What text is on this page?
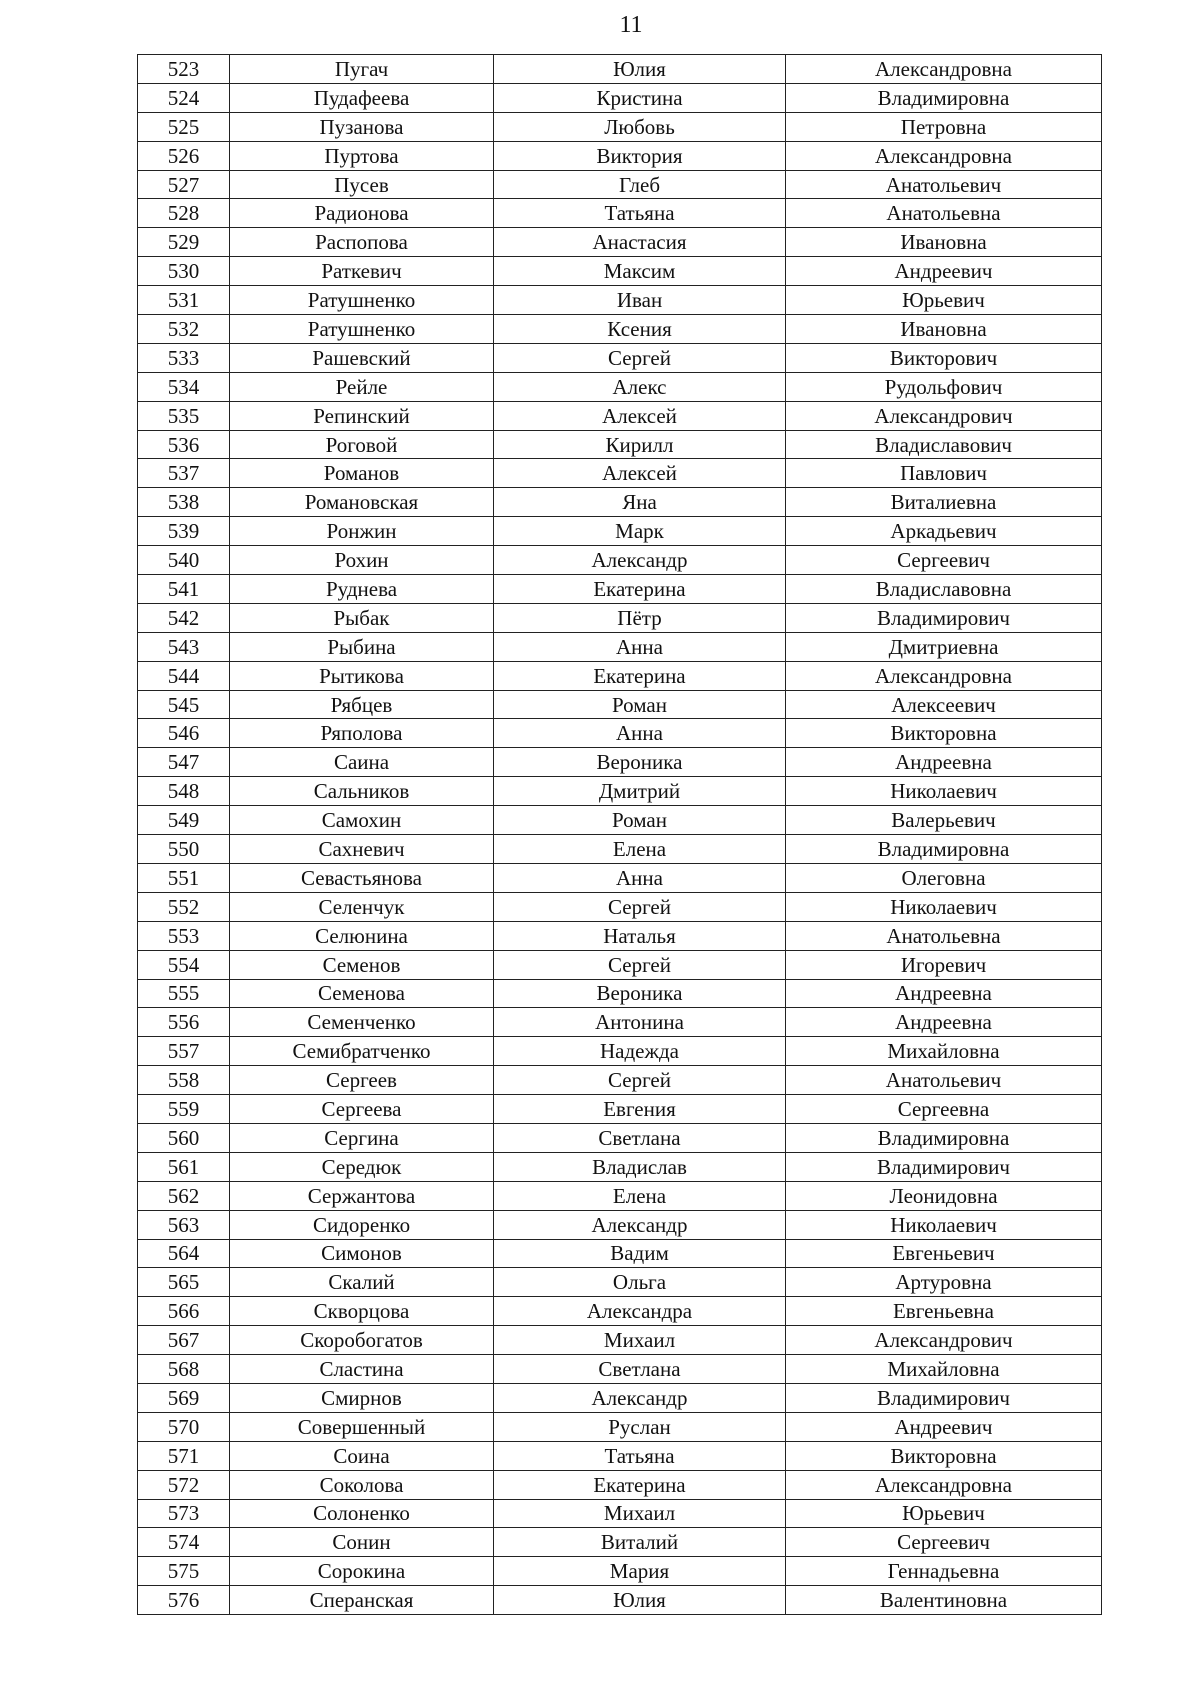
11
523	Пугач	Юлия	Александровна
524	Пудафеева	Кристина	Владимировна
525	Пузанова	Любовь	Петровна
526	Пуртова	Виктория	Александровна
527	Пусев	Глеб	Анатольевич
528	Радионова	Татьяна	Анатольевна
529	Распопова	Анастасия	Ивановна
530	Раткевич	Максим	Андреевич
531	Ратушненко	Иван	Юрьевич
532	Ратушненко	Ксения	Ивановна
533	Рашевский	Сергей	Викторович
534	Рейле	Алекс	Рудольфович
535	Репинский	Алексей	Александрович
536	Роговой	Кирилл	Владиславович
537	Романов	Алексей	Павлович
538	Романовская	Яна	Виталиевна
539	Ронжин	Марк	Аркадьевич
540	Рохин	Александр	Сергеевич
541	Руднева	Екатерина	Владиславовна
542	Рыбак	Пётр	Владимирович
543	Рыбина	Анна	Дмитриевна
544	Рытикова	Екатерина	Александровна
545	Рябцев	Роман	Алексеевич
546	Ряполова	Анна	Викторовна
547	Саина	Вероника	Андреевна
548	Сальников	Дмитрий	Николаевич
549	Самохин	Роман	Валерьевич
550	Сахневич	Елена	Владимировна
551	Севастьянова	Анна	Олеговна
552	Селенчук	Сергей	Николаевич
553	Селюнина	Наталья	Анатольевна
554	Семенов	Сергей	Игоревич
555	Семенова	Вероника	Андреевна
556	Семенченко	Антонина	Андреевна
557	Семибратченко	Надежда	Михайловна
558	Сергеев	Сергей	Анатольевич
559	Сергеева	Евгения	Сергеевна
560	Сергина	Светлана	Владимировна
561	Середюк	Владислав	Владимирович
562	Сержантова	Елена	Леонидовна
563	Сидоренко	Александр	Николаевич
564	Симонов	Вадим	Евгеньевич
565	Скалий	Ольга	Артуровна
566	Скворцова	Александра	Евгеньевна
567	Скоробогатов	Михаил	Александрович
568	Сластина	Светлана	Михайловна
569	Смирнов	Александр	Владимирович
570	Совершенный	Руслан	Андреевич
571	Соина	Татьяна	Викторовна
572	Соколова	Екатерина	Александровна
573	Солоненко	Михаил	Юрьевич
574	Сонин	Виталий	Сергеевич
575	Сорокина	Мария	Геннадьевна
576	Сперанская	Юлия	Валентиновна
